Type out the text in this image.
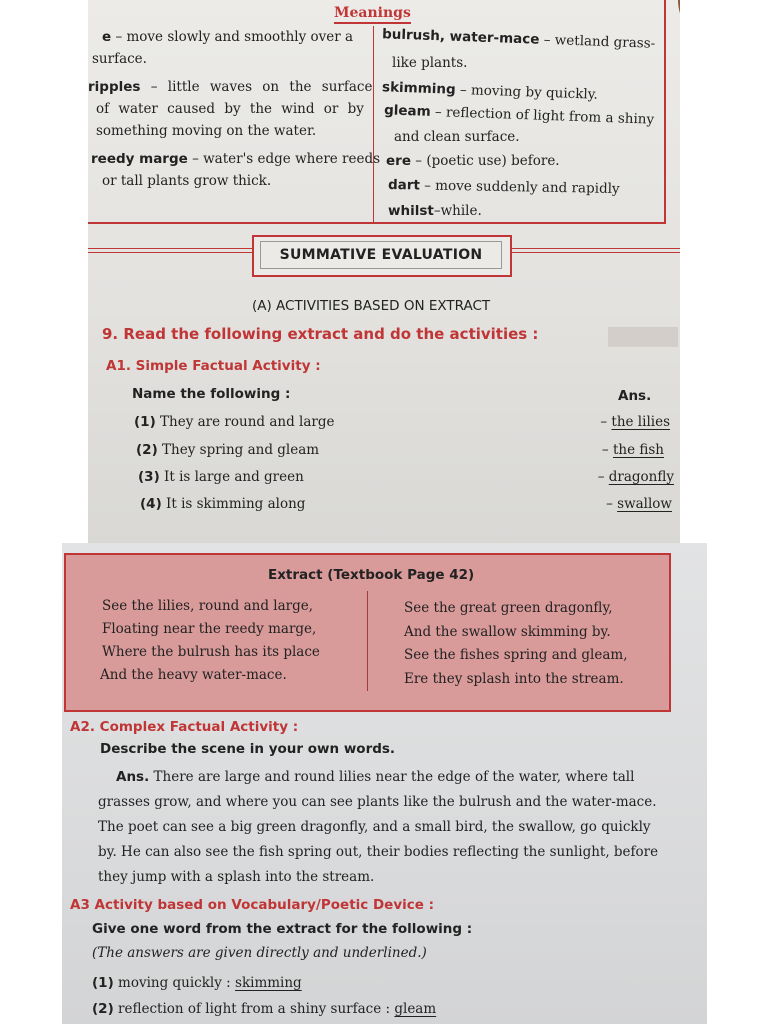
Meanings
e – move slowly and smoothly over a
surface.
ripples – little waves on the surface
of water caused by the wind or by
something moving on the water.
reedy marge – water's edge where reeds
or tall plants grow thick.
bulrush, water-mace – wetland grass-
like plants.
skimming – moving by quickly.
gleam – reflection of light from a shiny
and clean surface.
ere – (poetic use) before.
dart – move suddenly and rapidly
whilst–while.
SUMMATIVE EVALUATION
(A) ACTIVITIES BASED ON EXTRACT
9. Read the following extract and do the activities :
A1. Simple Factual Activity :
Name the following :	Ans.
(1) They are round and large	– the lilies
(2) They spring and gleam	– the fish
(3) It is large and green	– dragonfly
(4) It is skimming along	– swallow
Extract (Textbook Page 42)
See the lilies, round and large,
Floating near the reedy marge,
Where the bulrush has its place
And the heavy water-mace.
See the great green dragonfly,
And the swallow skimming by.
See the fishes spring and gleam,
Ere they splash into the stream.
A2. Complex Factual Activity :
Describe the scene in your own words.
Ans. There are large and round lilies near the edge of the water, where tall
grasses grow, and where you can see plants like the bulrush and the water-mace.
The poet can see a big green dragonfly, and a small bird, the swallow, go quickly
by. He can also see the fish spring out, their bodies reflecting the sunlight, before
they jump with a splash into the stream.
A3 Activity based on Vocabulary/Poetic Device :
Give one word from the extract for the following :
(The answers are given directly and underlined.)
(1) moving quickly : skimming
(2) reflection of light from a shiny surface : gleam
